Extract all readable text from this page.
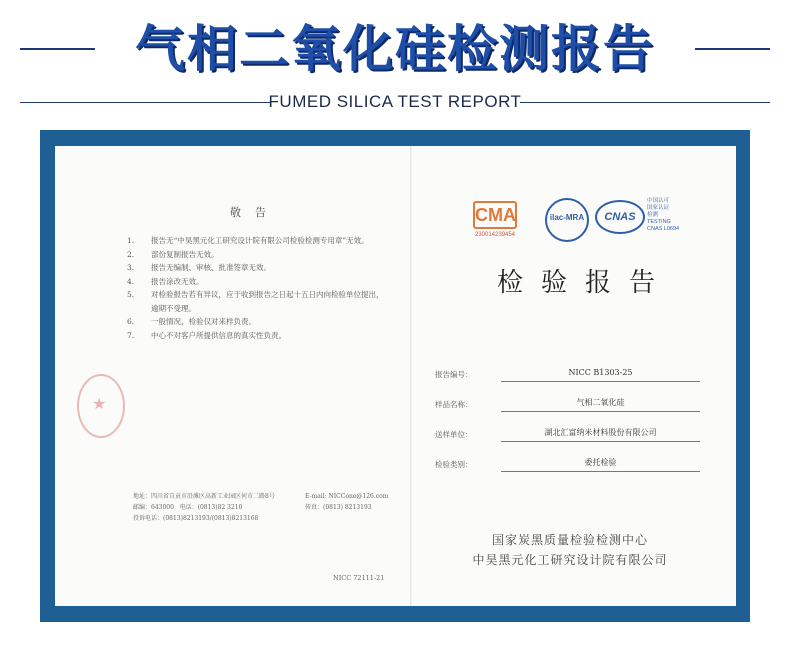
气相二氧化硅检测报告
FUMED SILICA TEST REPORT
敬告
1. 报告无“中昊黑元化工研究设计院有限公司检验检测专用章”无效。
2. 部份复制报告无效。
3. 报告无编制、审核、批准签章无效。
4. 报告涂改无效。
5. 对检验报告若有异议，应于收到报告之日起十五日内向检验单位提出，逾期不受理。
6. 一般情况，检验仅对来样负责。
7. 中心不对客户所提供信息的真实性负责。
★
地址：四川省自贡市沿滩区高新工业园区何市二路8号	E-mail: NICCone@126.com
邮编：643000 电话：(0813)82 3210	传真：(0813) 8213193
投诉电话：(0813)8213193/(0813)8213168
NICC 72111-21
CMA
230014239454
ilac-MRA	CNAS
中国认可
国家认证
检测
TESTING
CNAS L0694
检验报告
报告编号：	NICC B1303-25
样品名称：	气相二氧化硅
送样单位：	湖北汇富纳米材料股份有限公司
检验类别：	委托检验
国家炭黑质量检验检测中心
中昊黑元化工研究设计院有限公司
